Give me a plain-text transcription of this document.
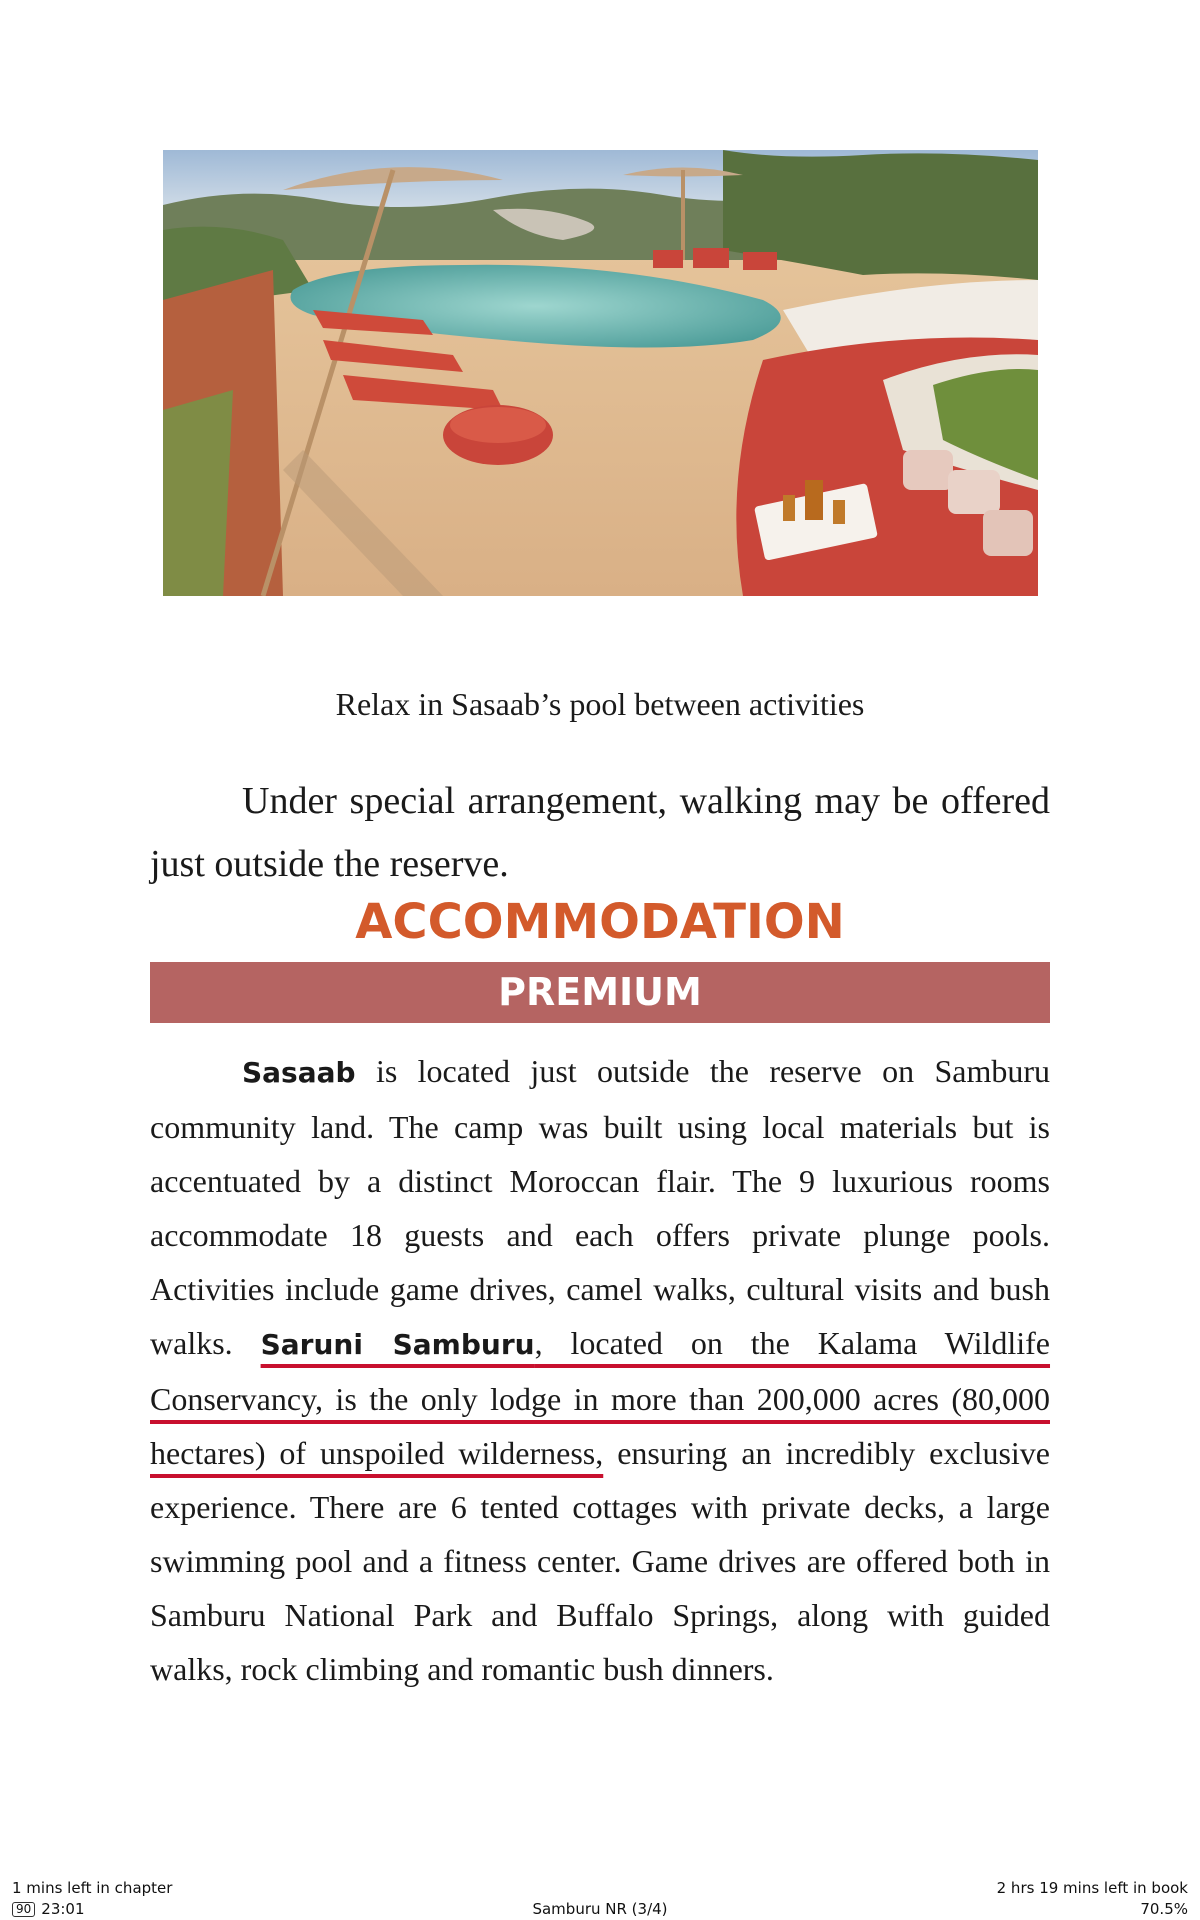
Relax in Sasaab’s pool between activities

Under special arrangement, walking may be offered just outside the reserve.

ACCOMMODATION
PREMIUM

Sasaab is located just outside the reserve on Samburu community land. The camp was built using local materials but is accentuated by a distinct Moroccan flair. The 9 luxurious rooms accommodate 18 guests and each offers private plunge pools. Activities include game drives, camel walks, cultural visits and bush walks. Saruni Samburu, located on the Kalama Wildlife Conservancy, is the only lodge in more than 200,000 acres (80,000 hectares) of unspoiled wilderness, ensuring an incredibly exclusive experience. There are 6 tented cottages with private decks, a large swimming pool and a fitness center. Game drives are offered both in Samburu National Park and Buffalo Springs, along with guided walks, rock climbing and romantic bush dinners.

1 mins left in chapter
90 23:01	Samburu NR (3/4)
2 hrs 19 mins left in book
70.5%
